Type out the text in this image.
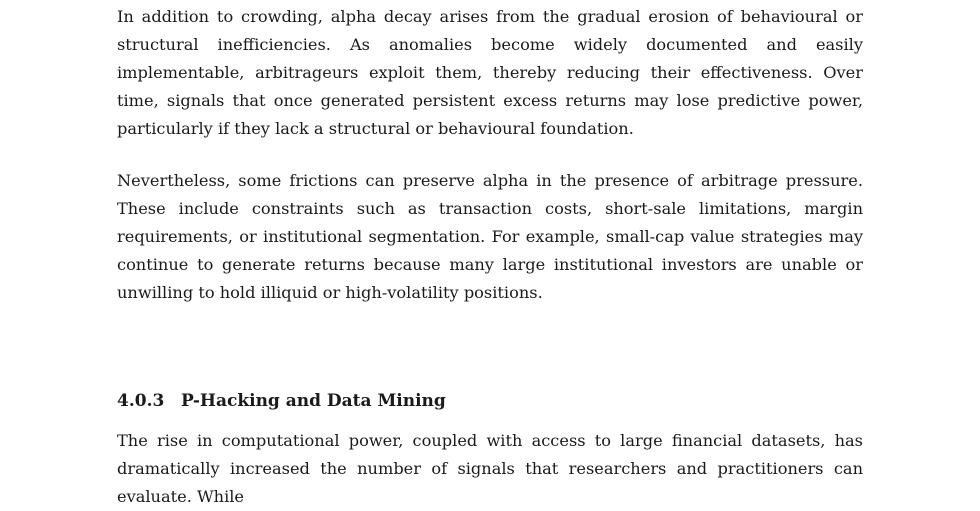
In addition to crowding, alpha decay arises from the gradual erosion of behavioural or structural inefficiencies. As anomalies become widely documented and easily implementable, arbitrageurs exploit them, thereby reducing their effectiveness. Over time, signals that once generated persistent excess returns may lose predictive power, particularly if they lack a structural or behavioural foundation.

Nevertheless, some frictions can preserve alpha in the presence of arbitrage pressure. These include constraints such as transaction costs, short-sale limitations, margin requirements, or institutional segmentation. For example, small-cap value strategies may continue to generate returns because many large institutional investors are unable or unwilling to hold illiquid or high-volatility positions.

4.0.3 P-Hacking and Data Mining

The rise in computational power, coupled with access to large financial datasets, has dramatically increased the number of signals that researchers and practitioners can evaluate. While
